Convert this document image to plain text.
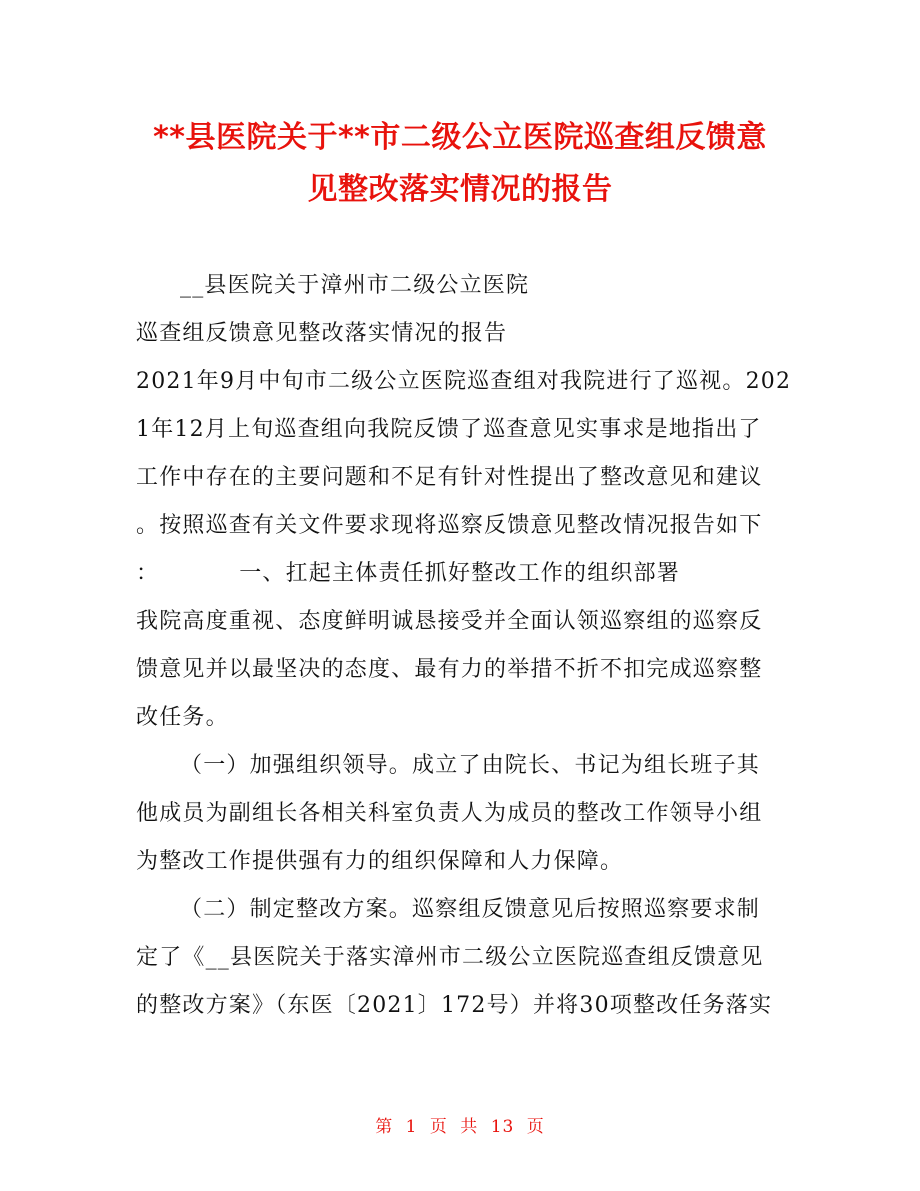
**县医院关于**市二级公立医院巡查组反馈意
见整改落实情况的报告
__县医院关于漳州市二级公立医院
巡查组反馈意见整改落实情况的报告
2021年9月中旬市二级公立医院巡查组对我院进行了巡视。202
1年12月上旬巡查组向我院反馈了巡查意见实事求是地指出了
工作中存在的主要问题和不足有针对性提出了整改意见和建议
。按照巡查有关文件要求现将巡察反馈意见整改情况报告如下
：	一、扛起主体责任抓好整改工作的组织部署
我院高度重视、态度鲜明诚恳接受并全面认领巡察组的巡察反
馈意见并以最坚决的态度、最有力的举措不折不扣完成巡察整
改任务。
（一）加强组织领导。成立了由院长、书记为组长班子其
他成员为副组长各相关科室负责人为成员的整改工作领导小组
为整改工作提供强有力的组织保障和人力保障。
（二）制定整改方案。巡察组反馈意见后按照巡察要求制
定了《__县医院关于落实漳州市二级公立医院巡查组反馈意见
的整改方案》（东医〔2021〕172号）并将30项整改任务落实
第 1 页 共 13 页
